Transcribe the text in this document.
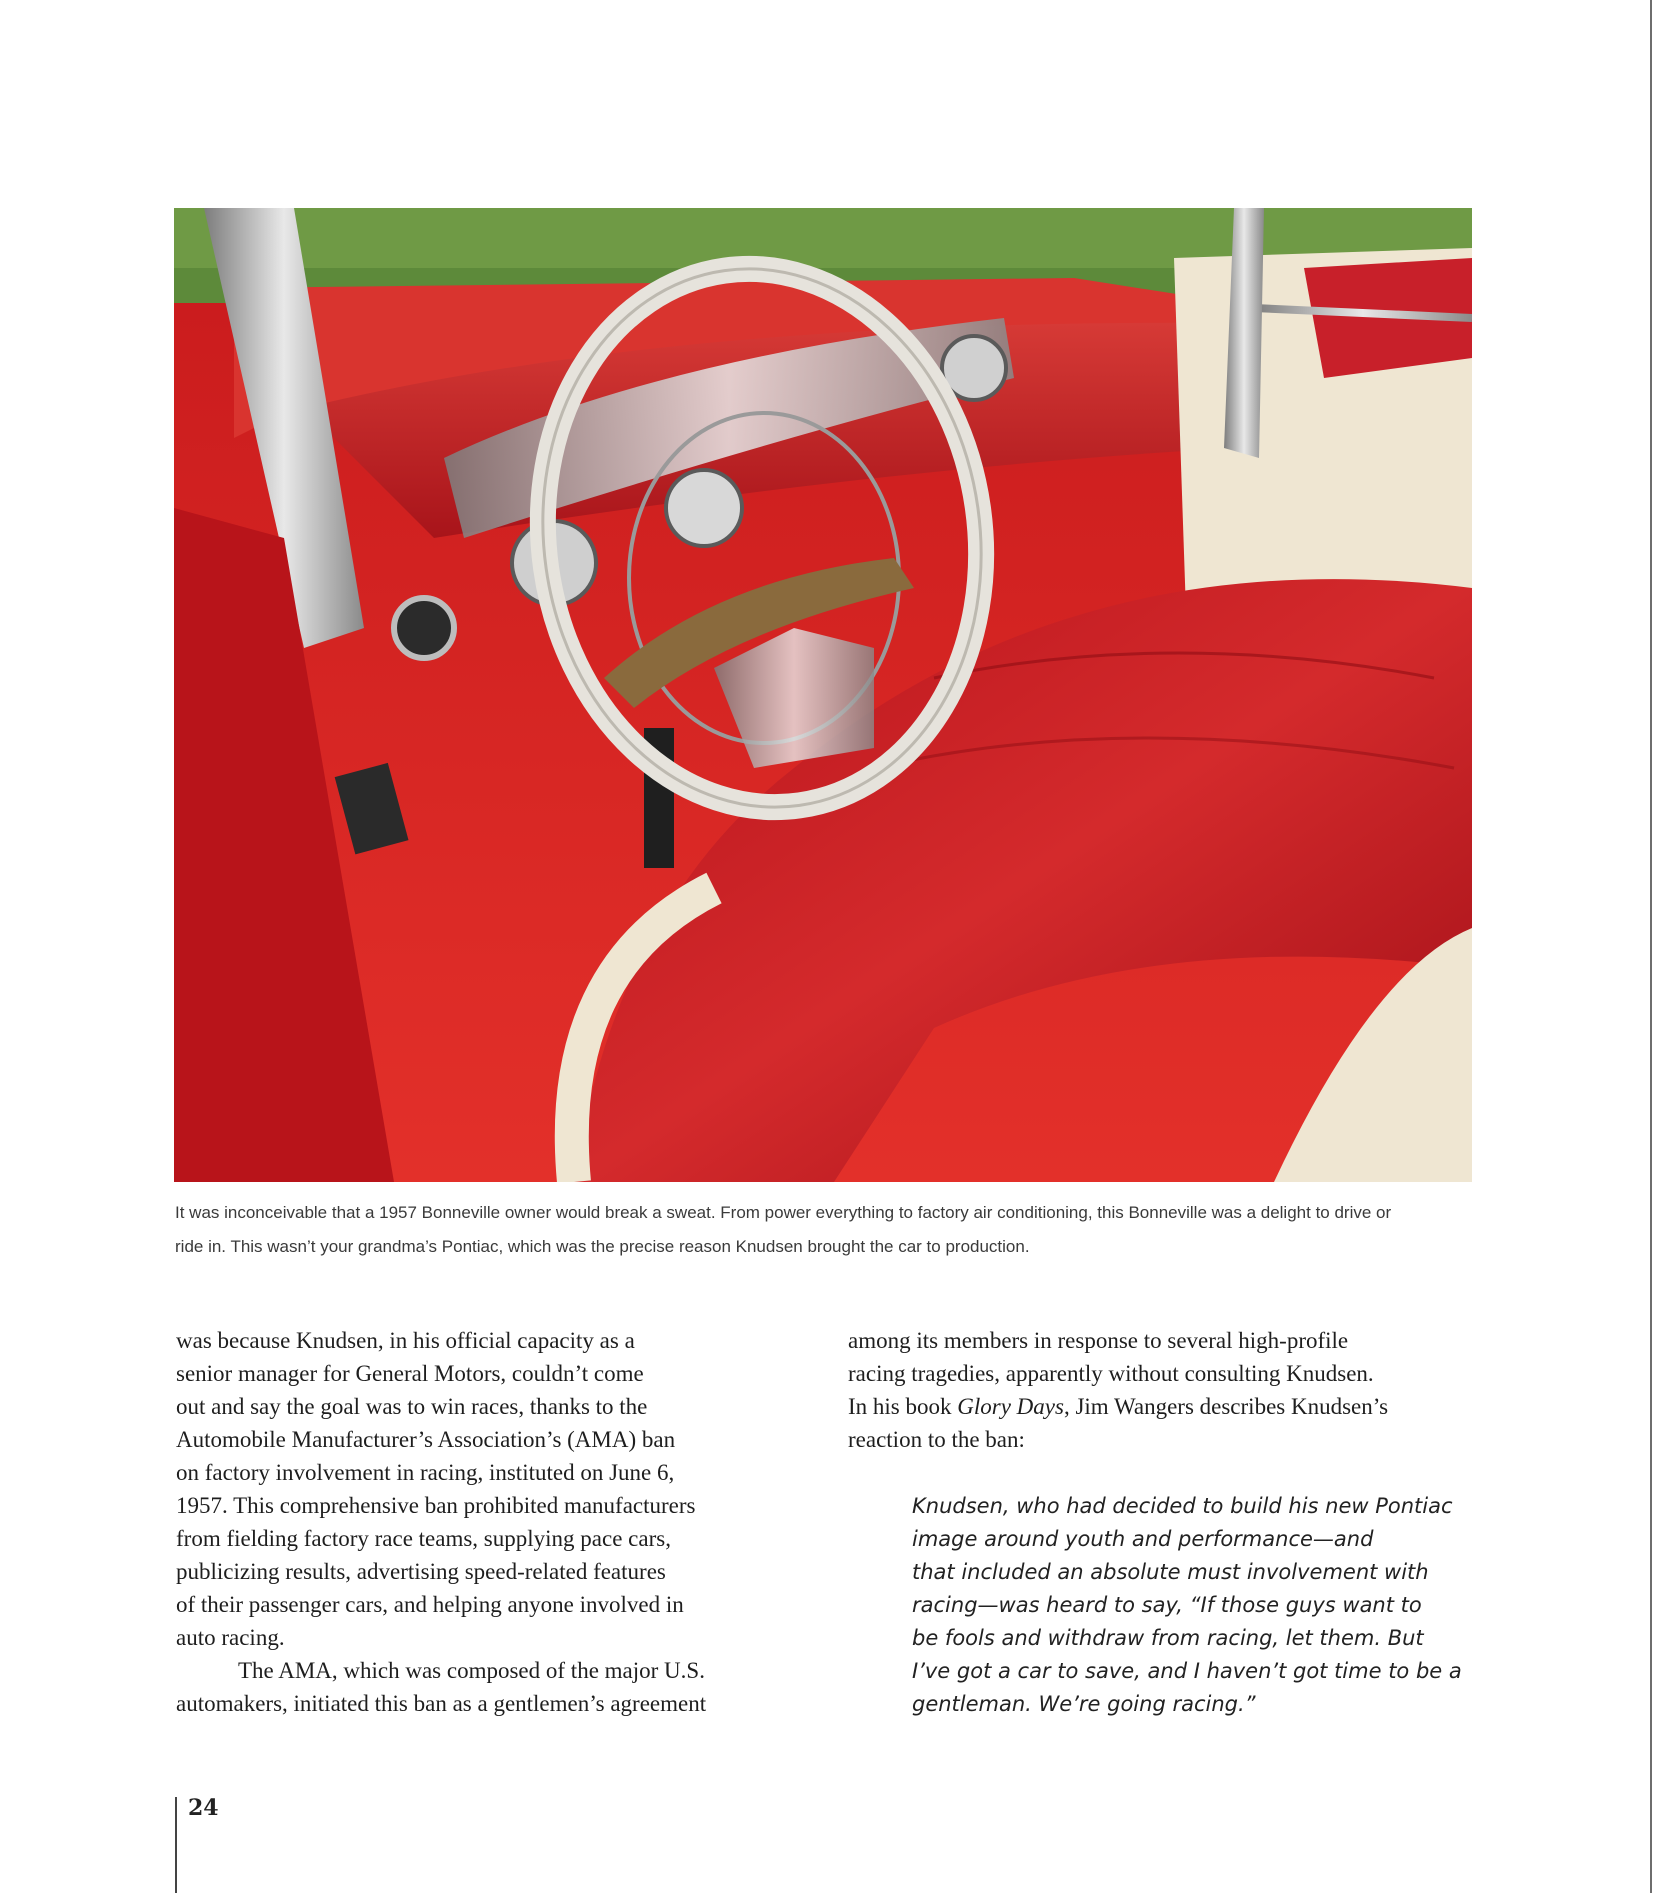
It was inconceivable that a 1957 Bonneville owner would break a sweat. From power everything to factory air conditioning, this Bonneville was a delight to drive or
ride in. This wasn’t your grandma’s Pontiac, which was the precise reason Knudsen brought the car to production.

was because Knudsen, in his official capacity as a
senior manager for General Motors, couldn’t come
out and say the goal was to win races, thanks to the
Automobile Manufacturer’s Association’s (AMA) ban
on factory involvement in racing, instituted on June 6,
1957. This comprehensive ban prohibited manufacturers
from fielding factory race teams, supplying pace cars,
publicizing results, advertising speed-related features
of their passenger cars, and helping anyone involved in
auto racing.

The AMA, which was composed of the major U.S.
automakers, initiated this ban as a gentlemen’s agreement

among its members in response to several high-profile
racing tragedies, apparently without consulting Knudsen.
In his book Glory Days, Jim Wangers describes Knudsen’s
reaction to the ban:

Knudsen, who had decided to build his new Pontiac
image around youth and performance—and
that included an absolute must involvement with
racing—was heard to say, “If those guys want to
be fools and withdraw from racing, let them. But
I’ve got a car to save, and I haven’t got time to be a
gentleman. We’re going racing.”

24
